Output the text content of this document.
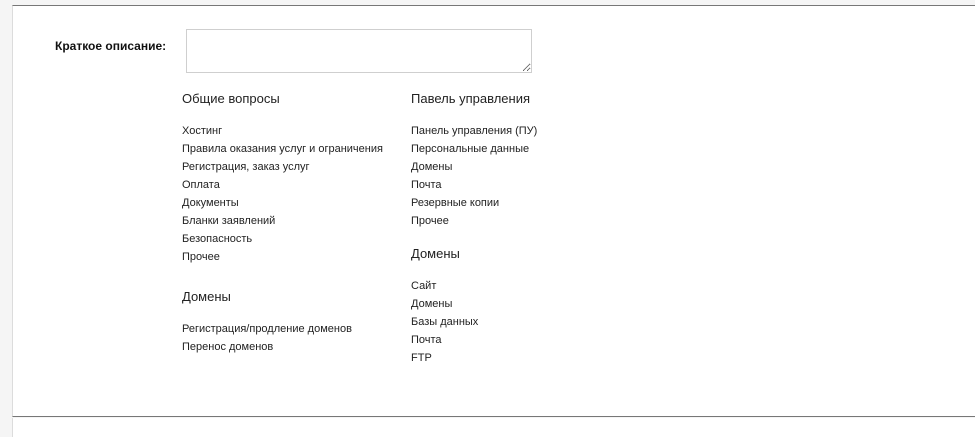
Краткое описание:
Общие вопросы
Хостинг
Правила оказания услуг и ограничения
Регистрация, заказ услуг
Оплата
Документы
Бланки заявлений
Безопасность
Прочее
Домены
Регистрация/продление доменов
Перенос доменов
Павель управления
Панель управления (ПУ)
Персональные данные
Домены
Почта
Резервные копии
Прочее
Домены
Сайт
Домены
Базы данных
Почта
FTP
